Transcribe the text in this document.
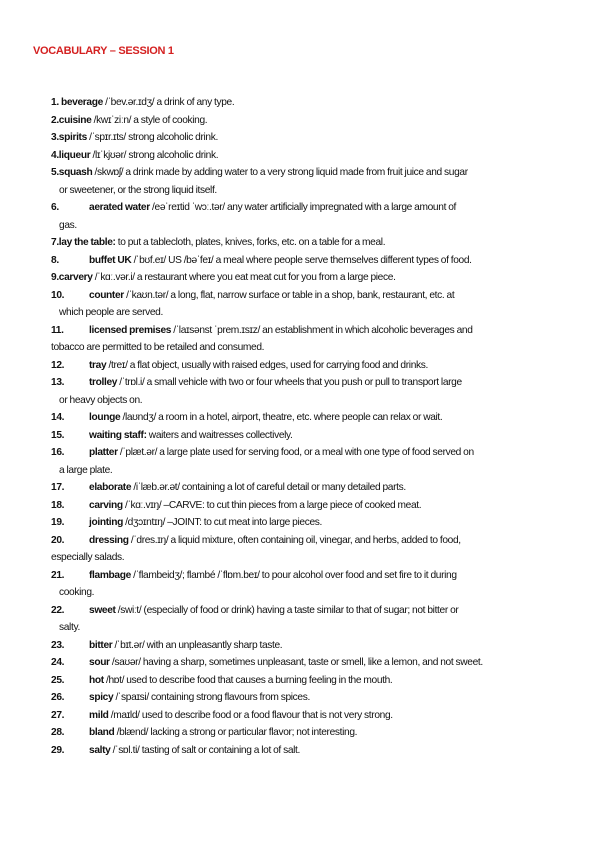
VOCABULARY – SESSION 1
1. beverage /ˈbev.ər.ɪdʒ/ a drink of any type.
2.cuisine /kwɪˈziːn/ a style of cooking.
3.spirits /ˈspɪr.ɪts/ strong alcoholic drink.
4.liqueur /lɪˈkjʊər/ strong alcoholic drink.
5.squash /skwɒʃ/ a drink made by adding water to a very strong liquid made from fruit juice and sugar
or sweetener, or the strong liquid itself.
6.	aerated water /eəˈreɪtid ˈwɔː.tər/ any water artificially impregnated with a large amount of
gas.
7.lay the table: to put a tablecloth, plates, knives, forks, etc. on a table for a meal.
8.	buffet UK /ˈbʊf.eɪ/ US /bəˈfeɪ/ a meal where people serve themselves different types of food.
9.carvery /ˈkɑː.vər.i/ a restaurant where you eat meat cut for you from a large piece.
10. counter /ˈkaʊn.tər/ a long, flat, narrow surface or table in a shop, bank, restaurant, etc. at
which people are served.
11. licensed premises /ˈlaɪsənst ˈprem.ɪsɪz/ an establishment in which alcoholic beverages and
tobacco are permitted to be retailed and consumed.
12. tray /treɪ/ a flat object, usually with raised edges, used for carrying food and drinks.
13. trolley /ˈtrɒl.i/ a small vehicle with two or four wheels that you push or pull to transport large
or heavy objects on.
14. lounge /laʊndʒ/ a room in a hotel, airport, theatre, etc. where people can relax or wait.
15. waiting staff: waiters and waitresses collectively.
16. platter /ˈplæt.ər/ a large plate used for serving food, or a meal with one type of food served on
a large plate.
17. elaborate /iˈlæb.ər.ət/ containing a lot of careful detail or many detailed parts.
18. carving /ˈkɑː.vɪŋ/ –CARVE: to cut thin pieces from a large piece of cooked meat.
19. jointing /dʒɔɪntɪŋ/ –JOINT: to cut meat into large pieces.
20. dressing /ˈdres.ɪŋ/ a liquid mixture, often containing oil, vinegar, and herbs, added to food,
especially salads.
21. flambage /ˈflambeidʒ/; flambé /ˈflɒm.beɪ/ to pour alcohol over food and set fire to it during
cooking.
22. sweet /swiːt/ (especially of food or drink) having a taste similar to that of sugar; not bitter or
salty.
23. bitter /ˈbɪt.ər/ with an unpleasantly sharp taste.
24. sour /saʊər/ having a sharp, sometimes unpleasant, taste or smell, like a lemon, and not sweet.
25. hot /hɒt/ used to describe food that causes a burning feeling in the mouth.
26. spicy /ˈspaɪsi/ containing strong flavours from spices.
27. mild /maɪld/ used to describe food or a food flavour that is not very strong.
28. bland /blænd/ lacking a strong or particular flavor; not interesting.
29. salty /ˈsɒl.ti/ tasting of salt or containing a lot of salt.
